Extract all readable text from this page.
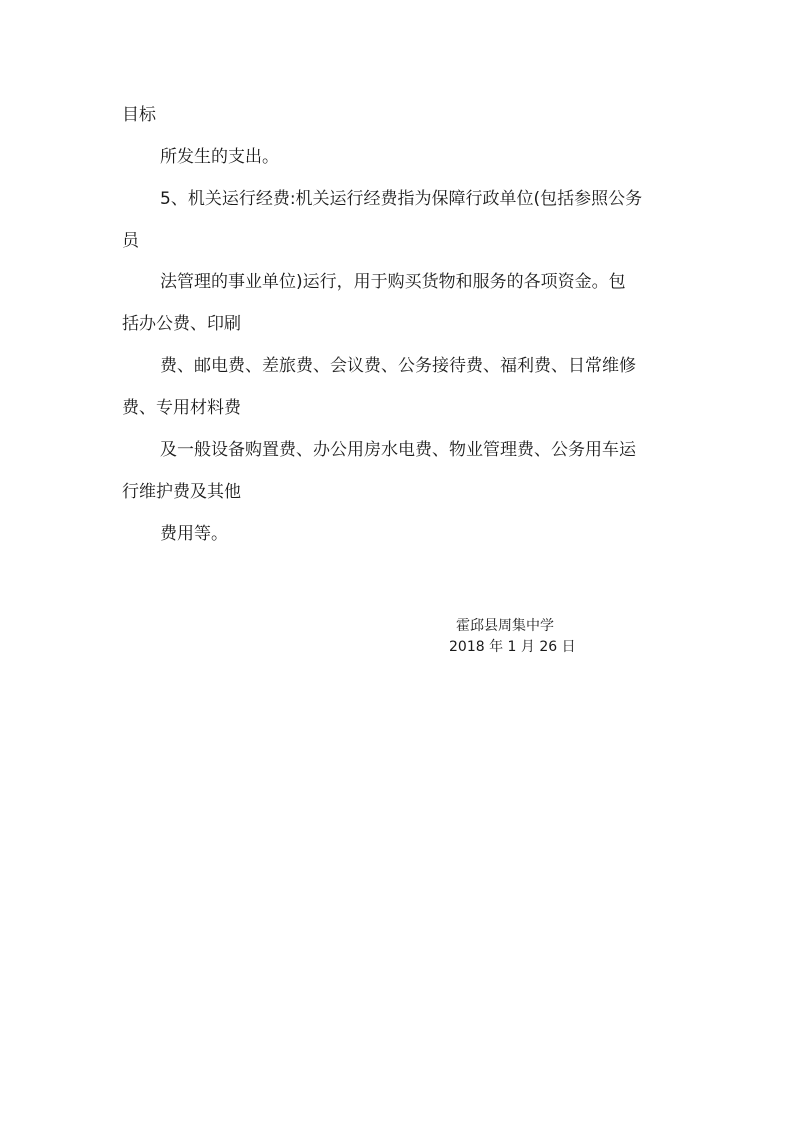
目标
所发生的支出。
5、机关运行经费:机关运行经费指为保障行政单位(包括参照公务
员
法管理的事业单位)运行，用于购买货物和服务的各项资金。包
括办公费、印刷
费、邮电费、差旅费、会议费、公务接待费、福利费、日常维修
费、专用材料费
及一般设备购置费、办公用房水电费、物业管理费、公务用车运
行维护费及其他
费用等。
霍邱县周集中学
2018 年 1 月 26 日
